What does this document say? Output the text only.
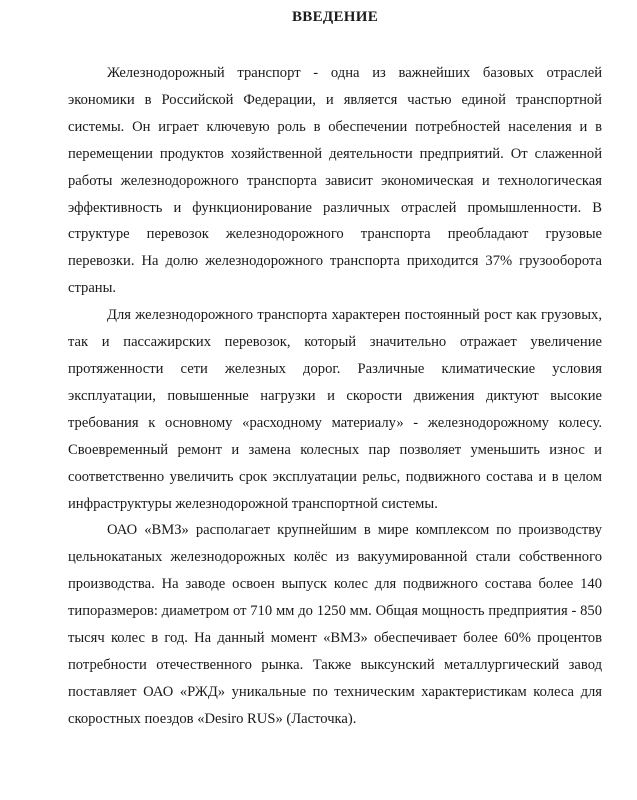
ВВЕДЕНИЕ

Железнодорожный транспорт - одна из важнейших базовых отраслей экономики в Российской Федерации, и является частью единой транспортной системы. Он играет ключевую роль в обеспечении потребностей населения и в перемещении продуктов хозяйственной деятельности предприятий. От слаженной работы железнодорожного транспорта зависит экономическая и технологическая эффективность и функционирование различных отраслей промышленности. В структуре перевозок железнодорожного транспорта преобладают грузовые перевозки. На долю железнодорожного транспорта приходится 37% грузооборота страны.

Для железнодорожного транспорта характерен постоянный рост как грузовых, так и пассажирских перевозок, который значительно отражает увеличение протяженности сети железных дорог. Различные климатические условия эксплуатации, повышенные нагрузки и скорости движения диктуют высокие требования к основному «расходному материалу» - железнодорожному колесу. Своевременный ремонт и замена колесных пар позволяет уменьшить износ и соответственно увеличить срок эксплуатации рельс, подвижного состава и в целом инфраструктуры железнодорожной транспортной системы.

ОАО «ВМЗ» располагает крупнейшим в мире комплексом по производству цельнокатаных железнодорожных колёс из вакуумированной стали собственного производства. На заводе освоен выпуск колес для подвижного состава более 140 типоразмеров: диаметром от 710 мм до 1250 мм. Общая мощность предприятия - 850 тысяч колес в год. На данный момент «ВМЗ» обеспечивает более 60% процентов потребности отечественного рынка. Также выксунский металлургический завод поставляет ОАО «РЖД» уникальные по техническим характеристикам колеса для скоростных поездов «Desiro RUS» (Ласточка).
